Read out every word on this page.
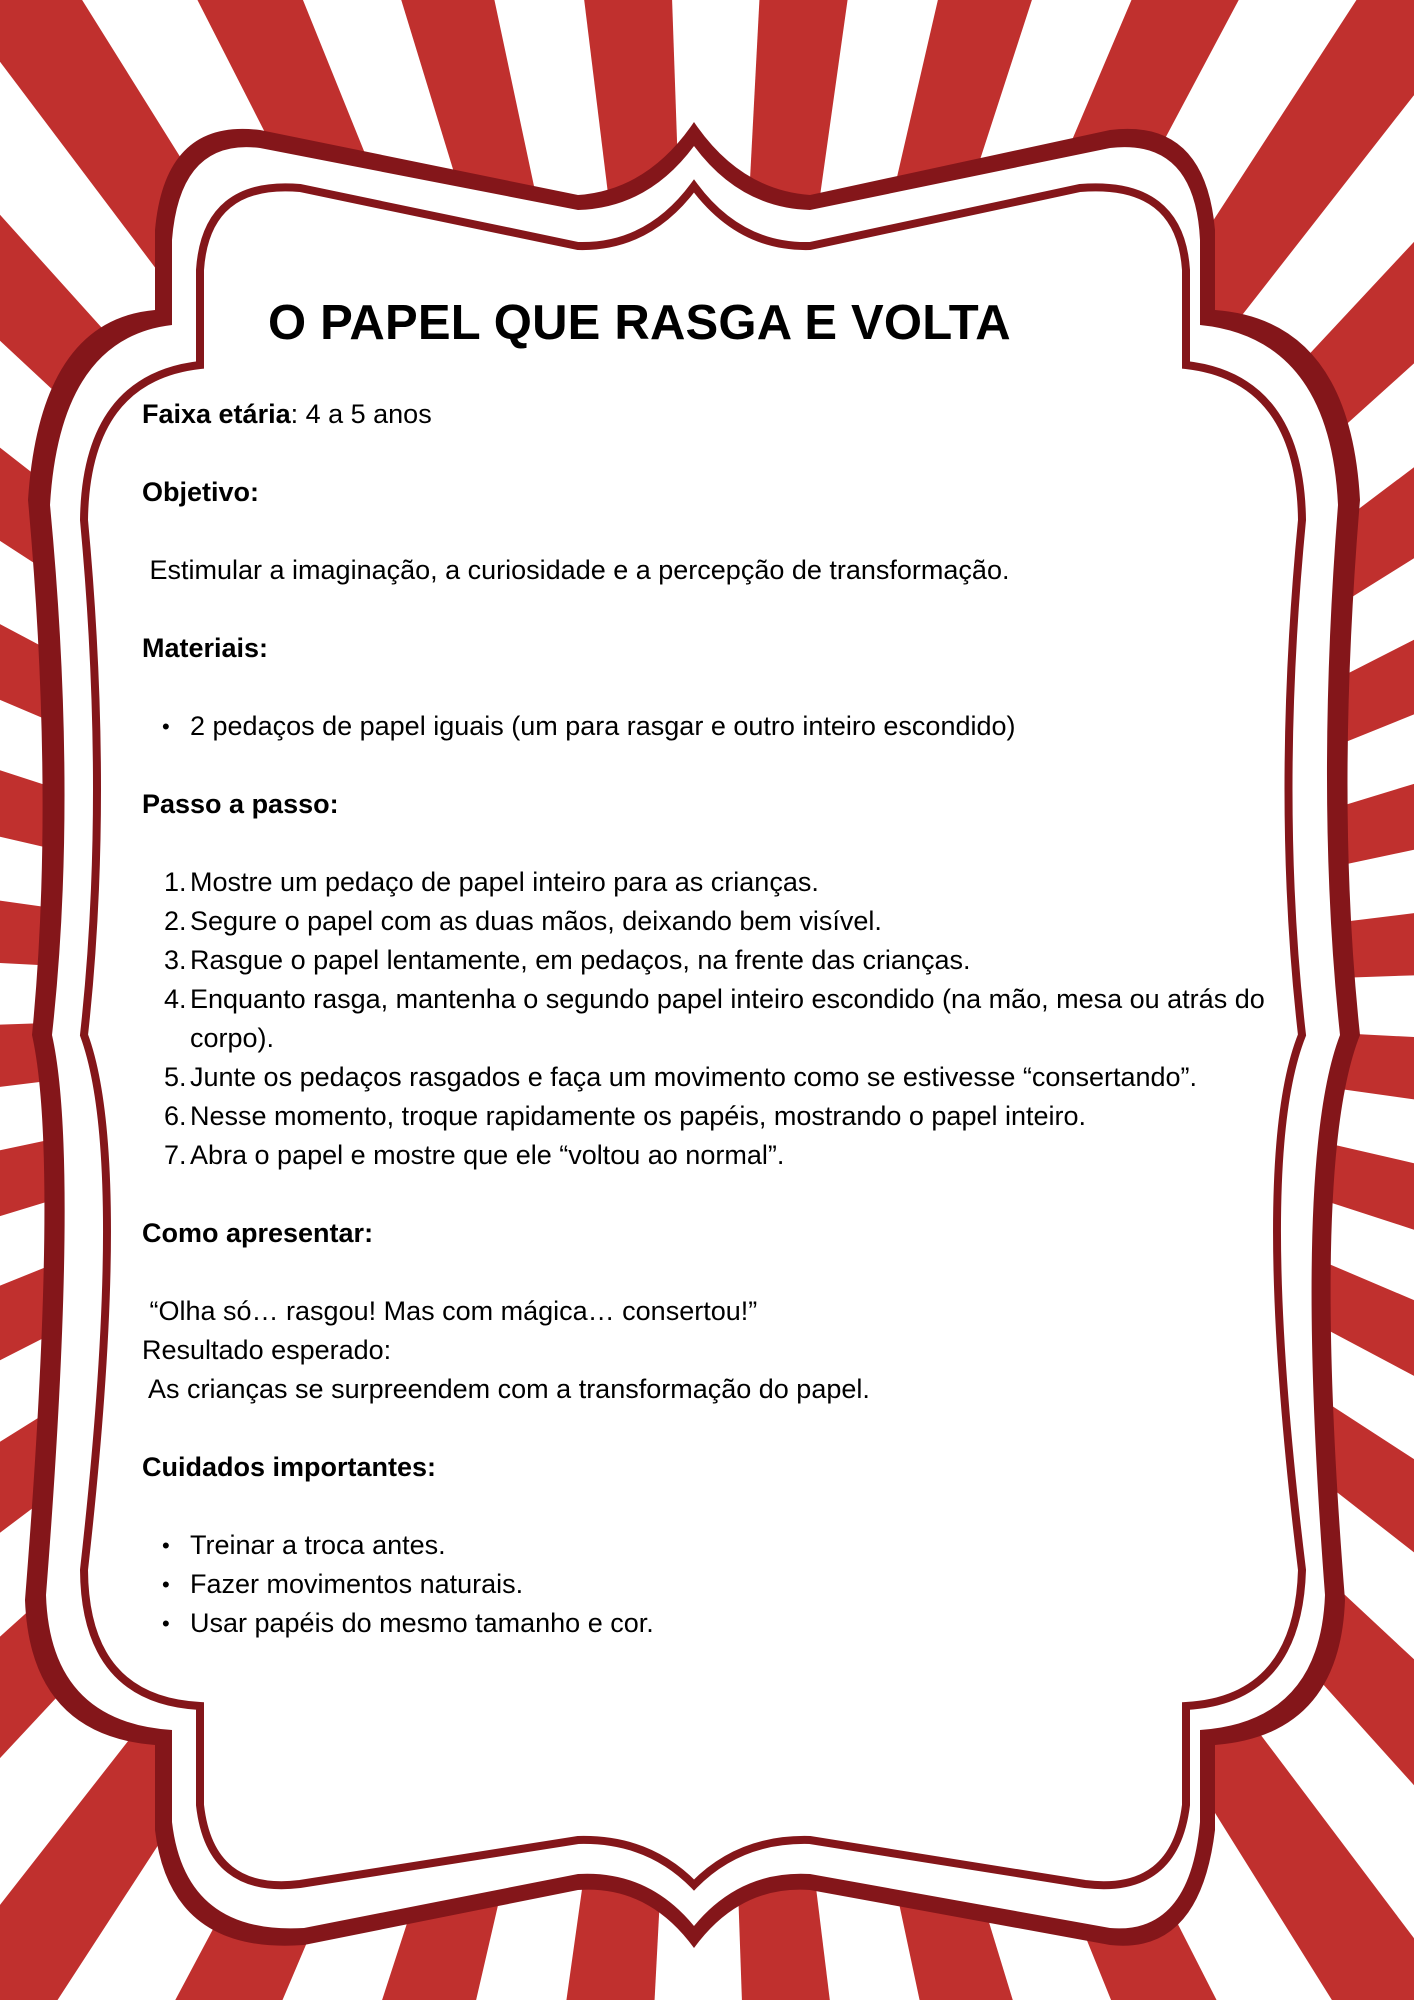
O PAPEL QUE RASGA E VOLTA

Faixa etária: 4 a 5 anos

Objetivo:

Estimular a imaginação, a curiosidade e a percepção de transformação.

Materiais:

• 2 pedaços de papel iguais (um para rasgar e outro inteiro escondido)

Passo a passo:

1. Mostre um pedaço de papel inteiro para as crianças.
2. Segure o papel com as duas mãos, deixando bem visível.
3. Rasgue o papel lentamente, em pedaços, na frente das crianças.
4. Enquanto rasga, mantenha o segundo papel inteiro escondido (na mão, mesa ou atrás do corpo).
5. Junte os pedaços rasgados e faça um movimento como se estivesse “consertando”.
6. Nesse momento, troque rapidamente os papéis, mostrando o papel inteiro.
7. Abra o papel e mostre que ele “voltou ao normal”.

Como apresentar:

“Olha só… rasgou! Mas com mágica… consertou!”

Resultado esperado:

As crianças se surpreendem com a transformação do papel.

Cuidados importantes:

• Treinar a troca antes.
• Fazer movimentos naturais.
• Usar papéis do mesmo tamanho e cor.
